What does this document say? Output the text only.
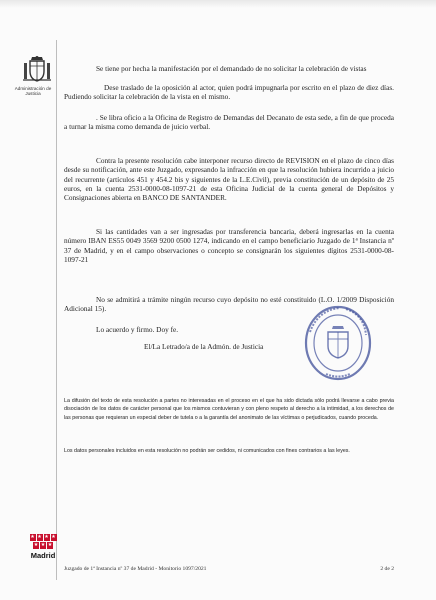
Administración de Justicia
Se tiene por hecha la manifestación por el demandado de no solicitar la celebración de vistas
Dese traslado de la oposición al actor, quien podrá impugnarla por escrito en el plazo de diez días. Pudiendo solicitar la celebración de la vista en el mismo.
. Se libra oficio a la Oficina de Registro de Demandas del Decanato de esta sede, a fin de que proceda a turnar la misma como demanda de juicio verbal.
Contra la presente resolución cabe interponer recurso directo de REVISION en el plazo de cinco días desde su notificación, ante este Juzgado, expresando la infracción en que la resolución hubiera incurrido a juicio del recurrente (artículos 451 y 454.2 bis y siguientes de la L.E.Civil), previa constitución de un depósito de 25 euros, en la cuenta 2531-0000-08-1097-21 de esta Oficina Judicial de la cuenta general de Depósitos y Consignaciones abierta en BANCO DE SANTANDER.
Si las cantidades van a ser ingresadas por transferencia bancaria, deberá ingresarlas en la cuenta número IBAN ES55 0049 3569 9200 0500 1274, indicando en el campo beneficiario Juzgado de 1ª Instancia nº 37 de Madrid, y en el campo observaciones o concepto se consignarán los siguientes dígitos 2531-0000-08-1097-21
No se admitirá a trámite ningún recurso cuyo depósito no esté constituido (L.O. 1/2009 Disposición Adicional 15).
Lo acuerdo y firmo. Doy fe.
El/La Letrado/a de la Admón. de Justicia
La difusión del texto de esta resolución a partes no interesadas en el proceso en el que ha sido dictada sólo podrá llevarse a cabo previa disociación de los datos de carácter personal que los mismos contuvieran y con pleno respeto al derecho a la intimidad, a los derechos de las personas que requieran un especial deber de tutela o a la garantía del anonimato de las víctimas o perjudicados, cuando proceda.
Los datos personales incluidos en esta resolución no podrán ser cedidos, ni comunicados con fines contrarios a las leyes.
★ ★ ★ ★
★ ★ ★
Madrid
Juzgado de 1ª Instancia nº 37 de Madrid - Monitorio 1097/2021	2 de 2
